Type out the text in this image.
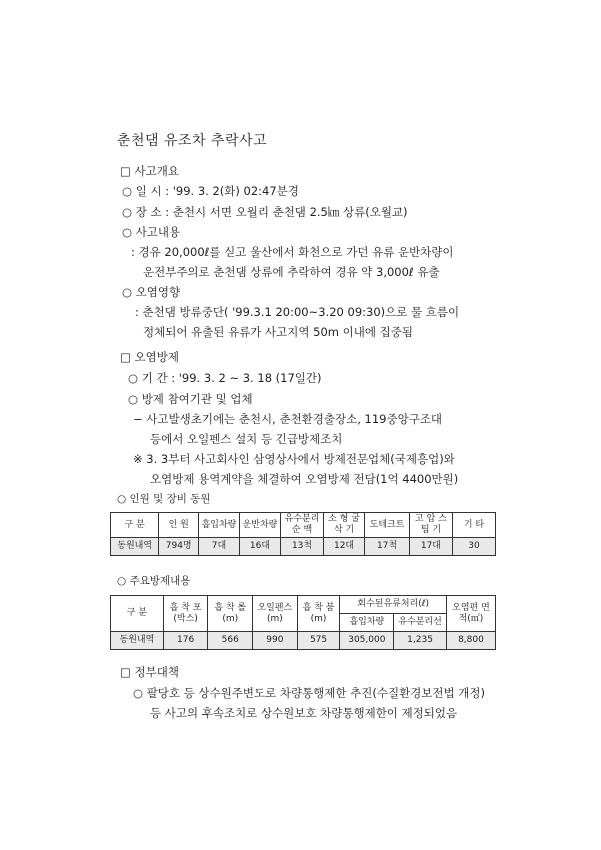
춘천댐 유조차 추락사고
□ 사고개요
○ 일 시 : '99. 3. 2(화) 02:47분경
○ 장 소 : 춘천시 서면 오월리 춘천댐 2.5㎞ 상류(오월교)
○ 사고내용
: 경유 20,000ℓ를 싣고 울산에서 화천으로 가던 유류 운반차량이
운전부주의로 춘천댐 상류에 추락하여 경유 약 3,000ℓ 유출
○ 오염영향
: 춘천댐 방류중단( '99.3.1 20:00~3.20 09:30)으로 물 흐름이
정체되어 유출된 유류가 사고지역 50m 이내에 집중됨
□ 오염방제
○ 기 간 : '99. 3. 2 ~ 3. 18 (17일간)
○ 방제 참여기관 및 업체
− 사고발생초기에는 춘천시, 춘천환경출장소, 119중앙구조대
등에서 오일펜스 설치 등 긴급방제조치
※ 3. 3부터 사고회사인 삼영상사에서 방제전문업체(국제흥업)와
오염방제 용역계약을 체결하여 오염방제 전담(1억 4400만원)
○ 인원 및 장비 동원
구 분	인 원	흡입차량	운반차량	유수분리 순 백	소 형 굴 삭 기	도테크트	고 압 스 팀 기	기 타
동원내역	794명	7대	16대	13척	12대	17척	17대	30
○ 주요방제내용
구 분	흡 착 포 (박스)	흡 착 롤 (m)	오일펜스 (m)	흡 착 붐 (m)	회수된유류처리(ℓ)		오염편 면적(㎡)
					흡입차량	유수분리선	
동원내역	176	566	990	575	305,000	1,235	8,800
□ 정부대책
○ 팔당호 등 상수원주변도로 차량통행제한 추진(수질환경보전법 개정)
등 사고의 후속조치로 상수원보호 차량통행제한이 제정되었음
